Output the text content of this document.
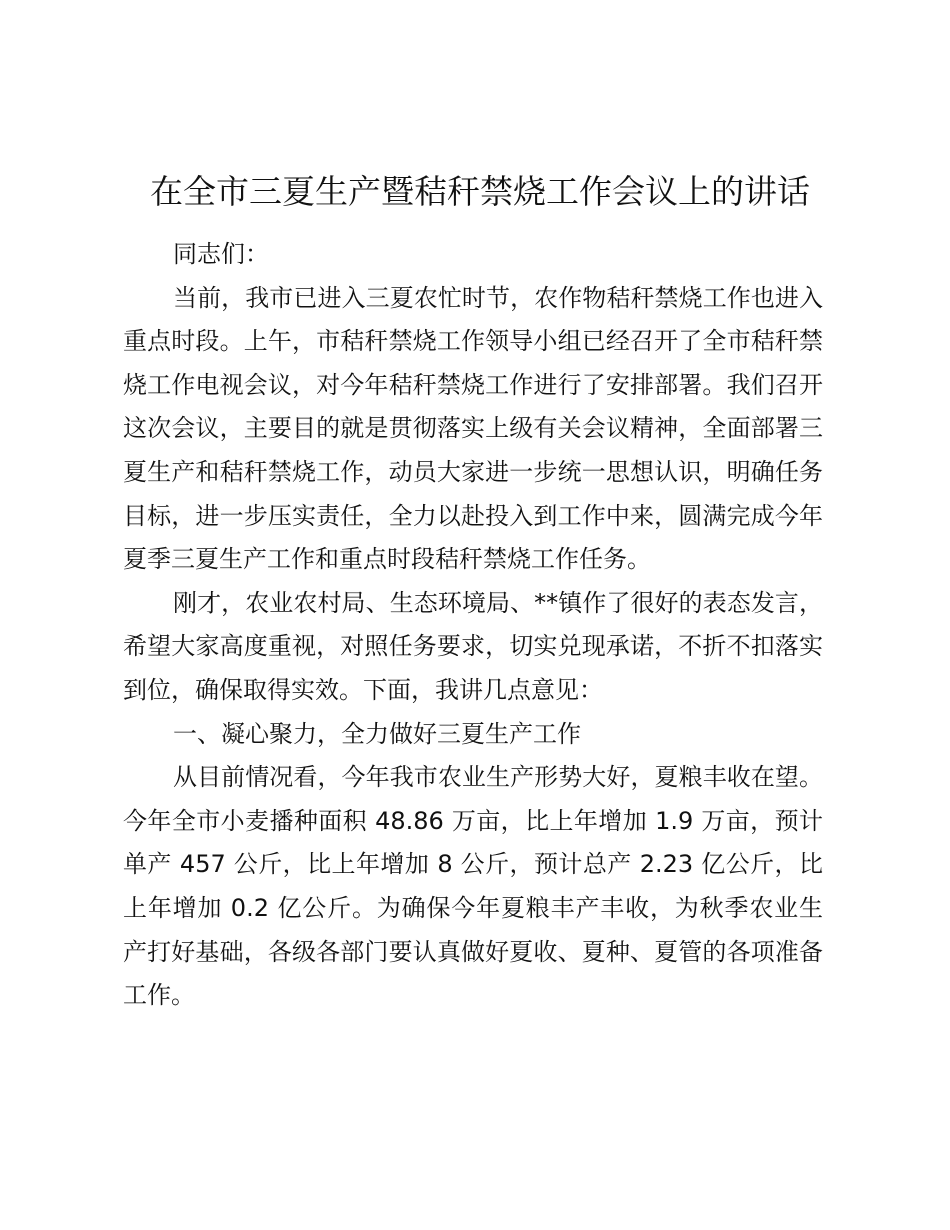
在全市三夏生产暨秸秆禁烧工作会议上的讲话

同志们：

当前，我市已进入三夏农忙时节，农作物秸秆禁烧工作也进入重点时段。上午，市秸秆禁烧工作领导小组已经召开了全市秸秆禁烧工作电视会议，对今年秸秆禁烧工作进行了安排部署。我们召开这次会议，主要目的就是贯彻落实上级有关会议精神，全面部署三夏生产和秸秆禁烧工作，动员大家进一步统一思想认识，明确任务目标，进一步压实责任，全力以赴投入到工作中来，圆满完成今年夏季三夏生产工作和重点时段秸秆禁烧工作任务。

刚才，农业农村局、生态环境局、**镇作了很好的表态发言，希望大家高度重视，对照任务要求，切实兑现承诺，不折不扣落实到位，确保取得实效。下面，我讲几点意见：

一、凝心聚力，全力做好三夏生产工作

从目前情况看，今年我市农业生产形势大好，夏粮丰收在望。今年全市小麦播种面积 48.86 万亩，比上年增加 1.9 万亩，预计单产 457 公斤，比上年增加 8 公斤，预计总产 2.23 亿公斤，比上年增加 0.2 亿公斤。为确保今年夏粮丰产丰收，为秋季农业生产打好基础，各级各部门要认真做好夏收、夏种、夏管的各项准备工作。
